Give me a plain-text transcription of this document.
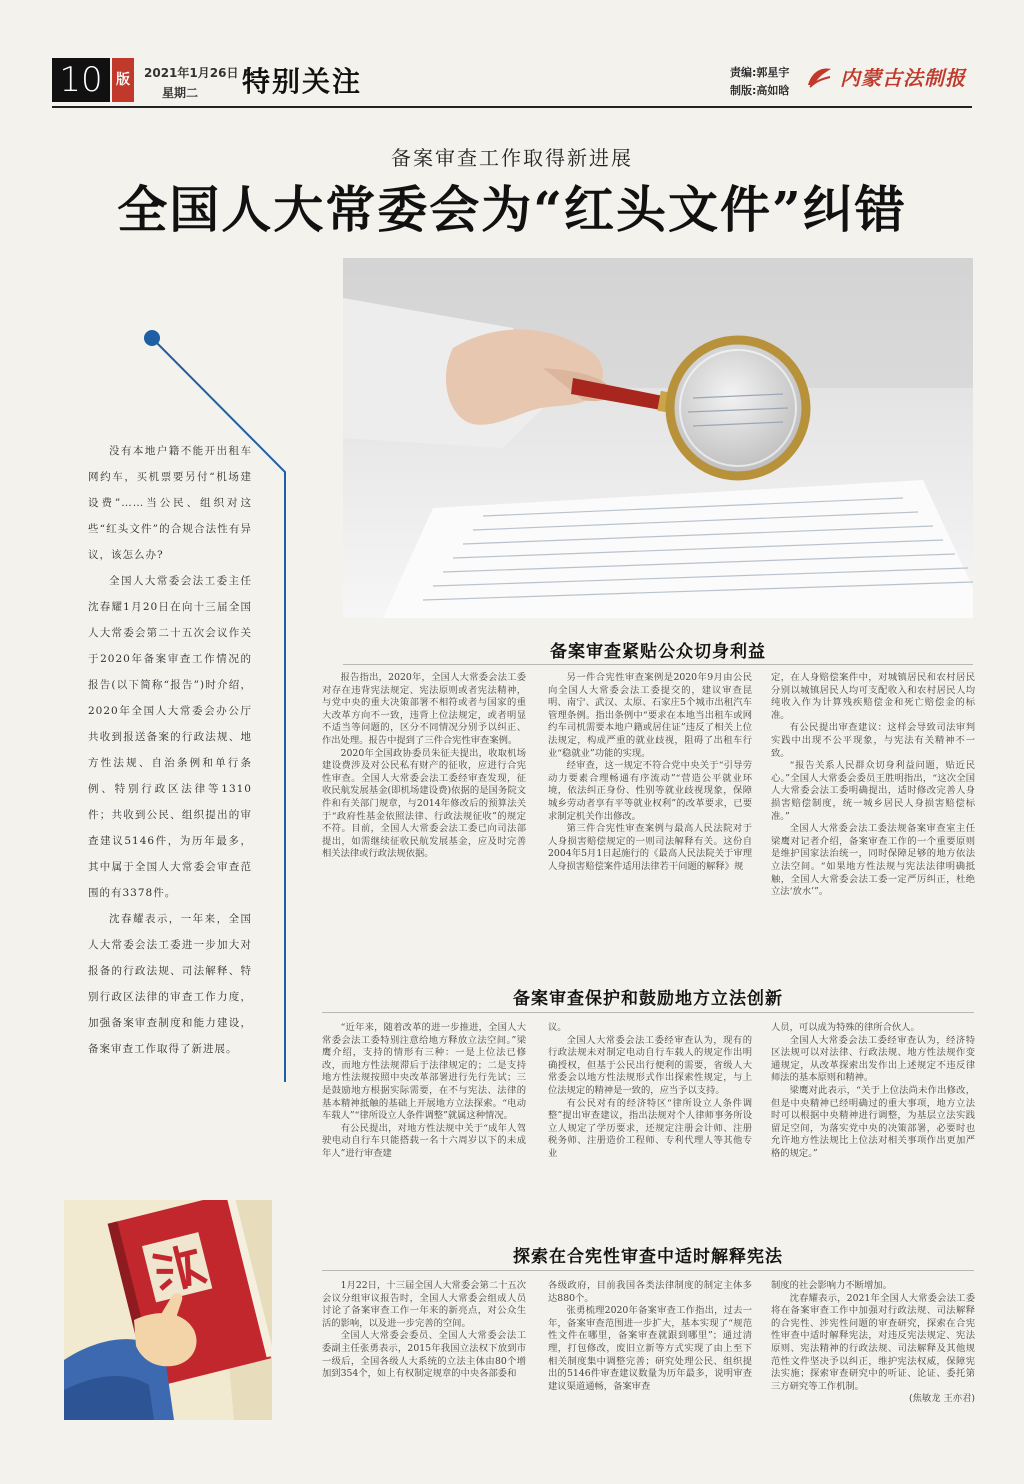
10 版	2021年1月26日
星期二 特别关注	责编:郭星宇
制版:高如晗
内蒙古法制报
备案审查工作取得新进展
全国人大常委会为“红头文件”纠错

没有本地户籍不能开出租车网约车，买机票要另付“机场建设费”……当公民、组织对这些“红头文件”的合规合法性有异议，该怎么办?

全国人大常委会法工委主任沈春耀1月20日在向十三届全国人大常委会第二十五次会议作关于2020年备案审查工作情况的报告(以下简称“报告”)时介绍，2020年全国人大常委会办公厅共收到报送备案的行政法规、地方性法规、自治条例和单行条例、特别行政区法律等1310件；共收到公民、组织提出的审查建议5146件，为历年最多，其中属于全国人大常委会审查范围的有3378件。

沈春耀表示，一年来，全国人大常委会法工委进一步加大对报备的行政法规、司法解释、特别行政区法律的审查工作力度，加强备案审查制度和能力建设，备案审查工作取得了新进展。

备案审查紧贴公众切身利益

报告指出，2020年，全国人大常委会法工委对存在违背宪法规定、宪法原则或者宪法精神，与党中央的重大决策部署不相符或者与国家的重大改革方向不一致，违背上位法规定，或者明显不适当等问题的，区分不同情况分别予以纠正、作出处理。报告中提到了三件合宪性审查案例。

2020年全国政协委员朱征夫提出，收取机场建设费涉及对公民私有财产的征收，应进行合宪性审查。全国人大常委会法工委经审查发现，征收民航发展基金(即机场建设费)依据的是国务院文件和有关部门规章，与2014年修改后的预算法关于“政府性基金依照法律、行政法规征收”的规定不符。目前，全国人大常委会法工委已向司法部提出，如需继续征收民航发展基金，应及时完善相关法律或行政法规依据。

另一件合宪性审查案例是2020年9月由公民向全国人大常委会法工委提交的，建议审查昆明、南宁、武汉、太原、石家庄5个城市出租汽车管理条例。指出条例中“要求在本地当出租车或网约车司机需要本地户籍或居住证”违反了相关上位法规定，构成严重的就业歧视，阻碍了出租车行业“稳就业”功能的实现。

经审查，这一规定不符合党中央关于“引导劳动力要素合理畅通有序流动”“营造公平就业环境，依法纠正身份、性别等就业歧视现象，保障城乡劳动者享有平等就业权利”的改革要求，已要求制定机关作出修改。

第三件合宪性审查案例与最高人民法院对于人身损害赔偿规定的一则司法解释有关。这份自2004年5月1日起施行的《最高人民法院关于审理人身损害赔偿案件适用法律若干问题的解释》规

定，在人身赔偿案件中，对城镇居民和农村居民分别以城镇居民人均可支配收入和农村居民人均纯收入作为计算残疾赔偿金和死亡赔偿金的标准。

有公民提出审查建议：这样会导致司法审判实践中出现不公平现象，与宪法有关精神不一致。

“报告关系人民群众切身利益问题，贴近民心。”全国人大常委会委员王胜明指出，“这次全国人大常委会法工委明确提出，适时修改完善人身损害赔偿制度，统一城乡居民人身损害赔偿标准。”

全国人大常委会法工委法规备案审查室主任梁鹰对记者介绍，备案审查工作的一个重要原则是维护国家法治统一，同时保障足够的地方依法立法空间。“如果地方性法规与宪法法律明确抵触，全国人大常委会法工委一定严厉纠正，杜绝立法‘放水’”。

备案审查保护和鼓励地方立法创新

“近年来，随着改革的进一步推进，全国人大常委会法工委特别注意给地方释放立法空间。”梁鹰介绍，支持的情形有三种：一是上位法已修改，而地方性法规滞后于法律规定的；二是支持地方性法规按照中央改革部署进行先行先试；三是鼓励地方根据实际需要，在不与宪法、法律的基本精神抵触的基础上开展地方立法探索。“电动车载人”“律所设立人条件调整”就属这种情况。

有公民提出，对地方性法规中关于“成年人驾驶电动自行车只能搭载一名十六周岁以下的未成年人”进行审查建

议。

全国人大常委会法工委经审查认为，现有的行政法规未对制定电动自行车载人的规定作出明确授权，但基于公民出行便利的需要，省级人大常委会以地方性法规形式作出探索性规定，与上位法规定的精神是一致的，应当予以支持。

有公民对有的经济特区“律所设立人条件调整”提出审查建议，指出法规对个人律师事务所设立人规定了学历要求，还规定注册会计师、注册税务师、注册造价工程师、专利代理人等其他专业

人员，可以成为特殊的律所合伙人。

全国人大常委会法工委经审查认为，经济特区法规可以对法律、行政法规、地方性法规作变通规定，从改革探索出发作出上述规定不违反律师法的基本原则和精神。

梁鹰对此表示，“关于上位法尚未作出修改，但是中央精神已经明确过的重大事项，地方立法时可以根据中央精神进行调整，为基层立法实践留足空间，为落实党中央的决策部署，必要时也允许地方性法规比上位法对相关事项作出更加严格的规定。”

探索在合宪性审查中适时解释宪法

1月22日，十三届全国人大常委会第二十五次会议分组审议报告时，全国人大常委会组成人员讨论了备案审查工作一年来的新亮点，对公众生活的影响，以及进一步完善的空间。

全国人大常委会委员、全国人大常委会法工委副主任张勇表示，2015年我国立法权下放到市一级后，全国各级人大系统的立法主体由80个增加到354个，如上有权制定规章的中央各部委和

各级政府，目前我国各类法律制度的制定主体多达880个。

张勇梳理2020年备案审查工作指出，过去一年，备案审查范围进一步扩大，基本实现了“规范性文件在哪里，备案审查就跟到哪里”；通过清理，打包修改，废旧立新等方式实现了由上至下相关制度集中调整完善；研究处理公民、组织提出的5146件审查建议数量为历年最多，说明审查建议渠道通畅，备案审查

制度的社会影响力不断增加。

沈春耀表示，2021年全国人大常委会法工委将在备案审查工作中加强对行政法规、司法解释的合宪性、涉宪性问题的审查研究，探索在合宪性审查中适时解释宪法，对违反宪法规定、宪法原则、宪法精神的行政法规、司法解释及其他规范性文件坚决予以纠正，维护宪法权威，保障宪法实施；探索审查研究中的听证、论证、委托第三方研究等工作机制。

(焦敏龙 王亦君)
